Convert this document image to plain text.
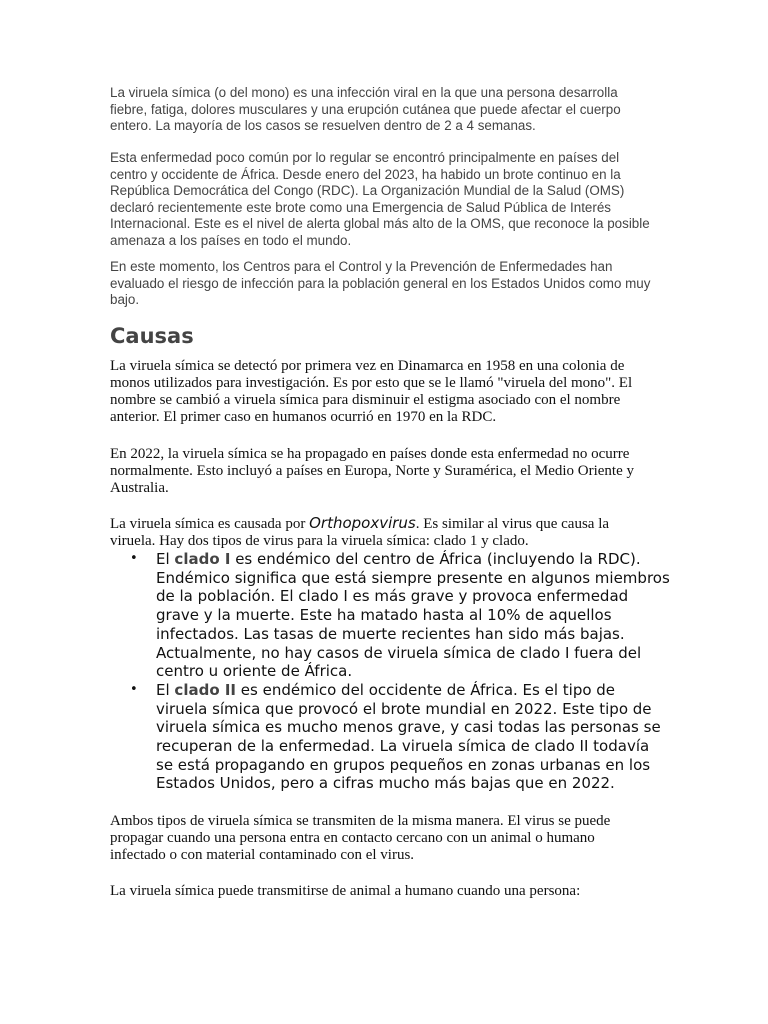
La viruela símica (o del mono) es una infección viral en la que una persona desarrolla fiebre, fatiga, dolores musculares y una erupción cutánea que puede afectar el cuerpo entero. La mayoría de los casos se resuelven dentro de 2 a 4 semanas.

Esta enfermedad poco común por lo regular se encontró principalmente en países del centro y occidente de África. Desde enero del 2023, ha habido un brote continuo en la República Democrática del Congo (RDC). La Organización Mundial de la Salud (OMS) declaró recientemente este brote como una Emergencia de Salud Pública de Interés Internacional. Este es el nivel de alerta global más alto de la OMS, que reconoce la posible amenaza a los países en todo el mundo.

En este momento, los Centros para el Control y la Prevención de Enfermedades han evaluado el riesgo de infección para la población general en los Estados Unidos como muy bajo.

Causas

La viruela símica se detectó por primera vez en Dinamarca en 1958 en una colonia de monos utilizados para investigación. Es por esto que se le llamó "viruela del mono". El nombre se cambió a viruela símica para disminuir el estigma asociado con el nombre anterior. El primer caso en humanos ocurrió en 1970 en la RDC.

En 2022, la viruela símica se ha propagado en países donde esta enfermedad no ocurre normalmente. Esto incluyó a países en Europa, Norte y Suramérica, el Medio Oriente y Australia.

La viruela símica es causada por Orthopoxvirus. Es similar al virus que causa la viruela. Hay dos tipos de virus para la viruela símica: clado 1 y clado.

• El clado I es endémico del centro de África (incluyendo la RDC). Endémico significa que está siempre presente en algunos miembros de la población. El clado I es más grave y provoca enfermedad grave y la muerte. Este ha matado hasta al 10% de aquellos infectados. Las tasas de muerte recientes han sido más bajas. Actualmente, no hay casos de viruela símica de clado I fuera del centro u oriente de África.
• El clado II es endémico del occidente de África. Es el tipo de viruela símica que provocó el brote mundial en 2022. Este tipo de viruela símica es mucho menos grave, y casi todas las personas se recuperan de la enfermedad. La viruela símica de clado II todavía se está propagando en grupos pequeños en zonas urbanas en los Estados Unidos, pero a cifras mucho más bajas que en 2022.

Ambos tipos de viruela símica se transmiten de la misma manera. El virus se puede propagar cuando una persona entra en contacto cercano con un animal o humano infectado o con material contaminado con el virus.

La viruela símica puede transmitirse de animal a humano cuando una persona:
